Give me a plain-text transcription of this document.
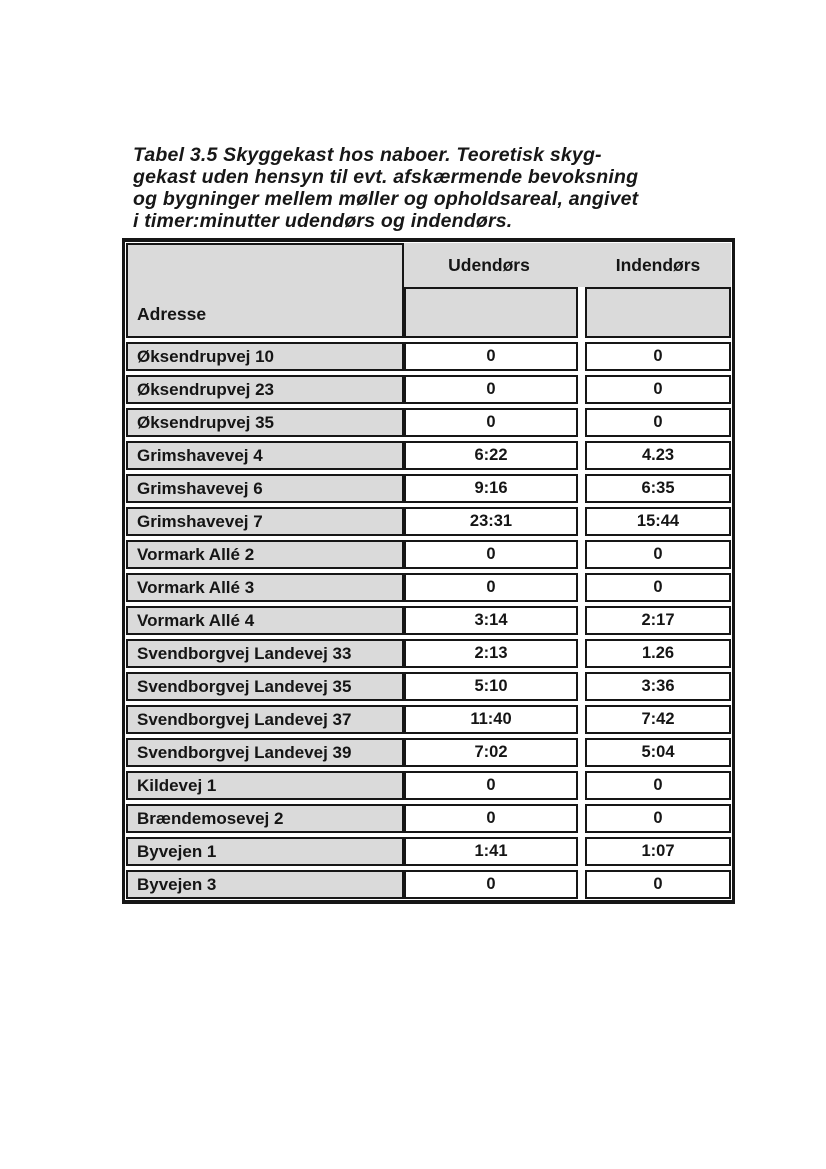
Tabel 3.5 Skyggekast hos naboer. Teoretisk skyg-
gekast uden hensyn til evt. afskærmende bevoksning
og bygninger mellem møller og opholdsareal, angivet
i timer:minutter udendørs og indendørs.
Adresse
Udendørs	Indendørs
Øksendrupvej 10	0	0
Øksendrupvej 23	0	0
Øksendrupvej 35	0	0
Grimshavevej 4	6:22	4.23
Grimshavevej 6	9:16	6:35
Grimshavevej 7	23:31	15:44
Vormark Allé 2	0	0
Vormark Allé 3	0	0
Vormark Allé 4	3:14	2:17
Svendborgvej Landevej 33	2:13	1.26
Svendborgvej Landevej 35	5:10	3:36
Svendborgvej Landevej 37	11:40	7:42
Svendborgvej Landevej 39	7:02	5:04
Kildevej 1	0	0
Brændemosevej 2	0	0
Byvejen 1	1:41	1:07
Byvejen 3	0	0
